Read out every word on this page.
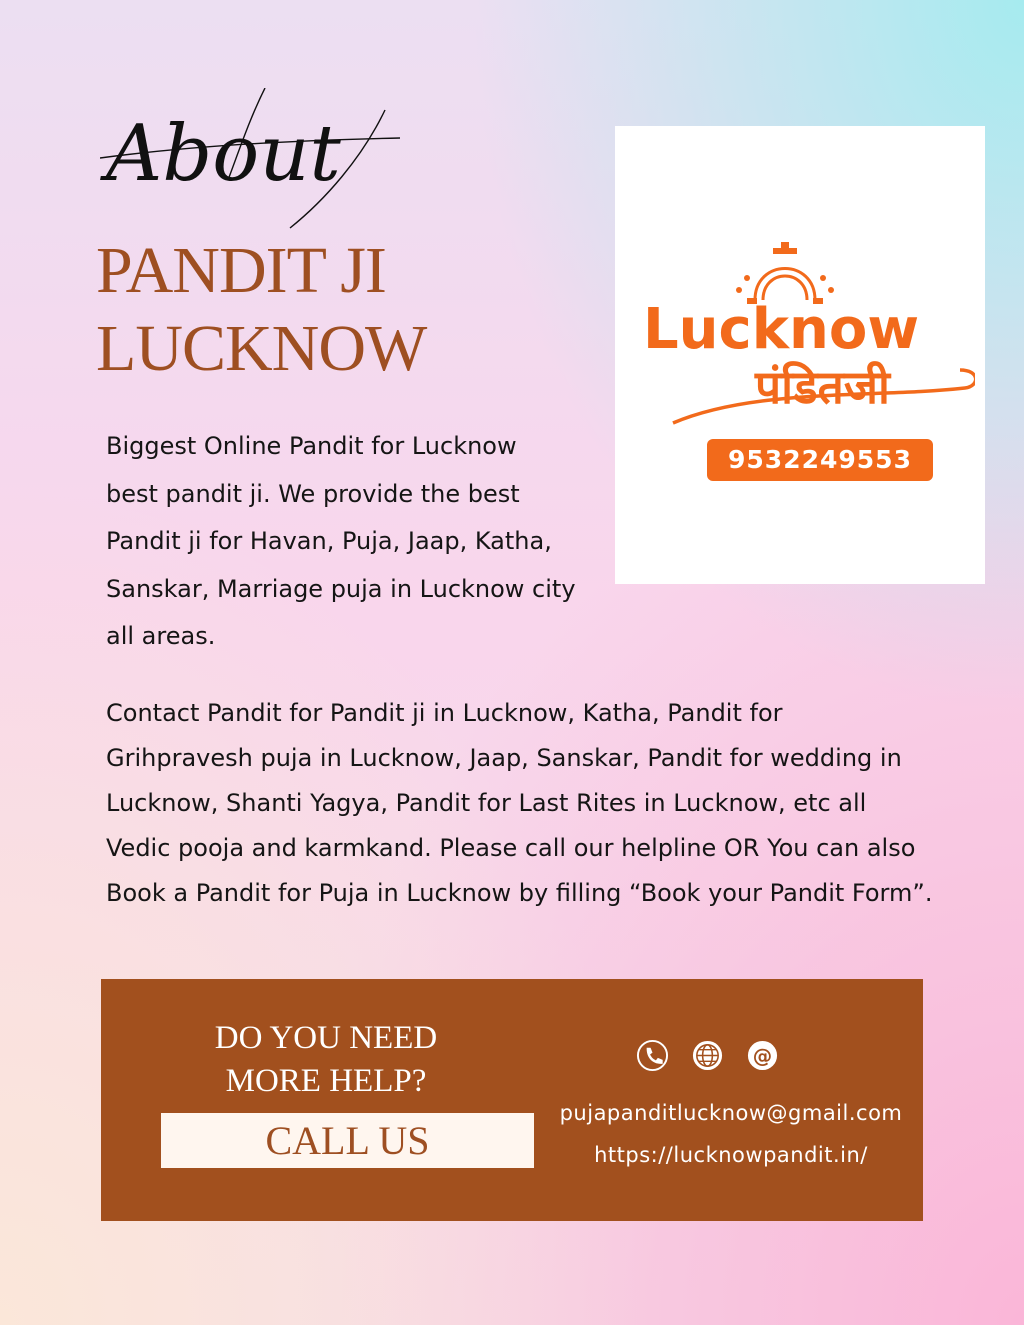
About
PANDIT JI
LUCKNOW

Biggest Online Pandit for Lucknow best pandit ji. We provide the best Pandit ji for Havan, Puja, Jaap, Katha, Sanskar, Marriage puja in Lucknow city all areas.

Lucknow
पंडितजी
9532249553

Contact Pandit for Pandit ji in Lucknow, Katha, Pandit for Grihpravesh puja in Lucknow, Jaap, Sanskar, Pandit for wedding in Lucknow, Shanti Yagya, Pandit for Last Rites in Lucknow, etc all Vedic pooja and karmkand. Please call our helpline OR You can also Book a Pandit for Puja in Lucknow by filling “Book your Pandit Form”.

DO YOU NEED
MORE HELP?
CALL US
@
pujapanditlucknow@gmail.com
https://lucknowpandit.in/
